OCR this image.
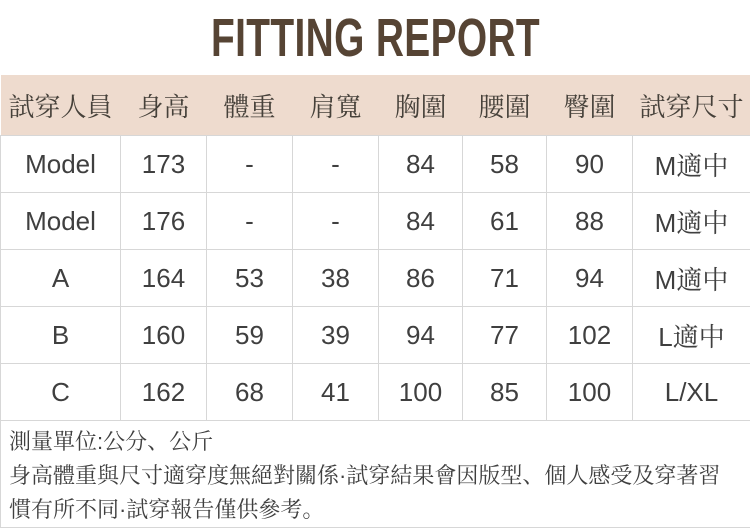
FITTING REPORT
試穿人員	身高	體重	肩寬	胸圍	腰圍	臀圍	試穿尺寸
Model	173	-	-	84	58	90	M適中
Model	176	-	-	84	61	88	M適中
A	164	53	38	86	71	94	M適中
B	160	59	39	94	77	102	L適中
C	162	68	41	100	85	100	L/XL

測量單位:公分、公斤

身高體重與尺寸適穿度無絕對關係·試穿結果會因版型、個人感受及穿著習慣有所不同·試穿報告僅供參考。							
